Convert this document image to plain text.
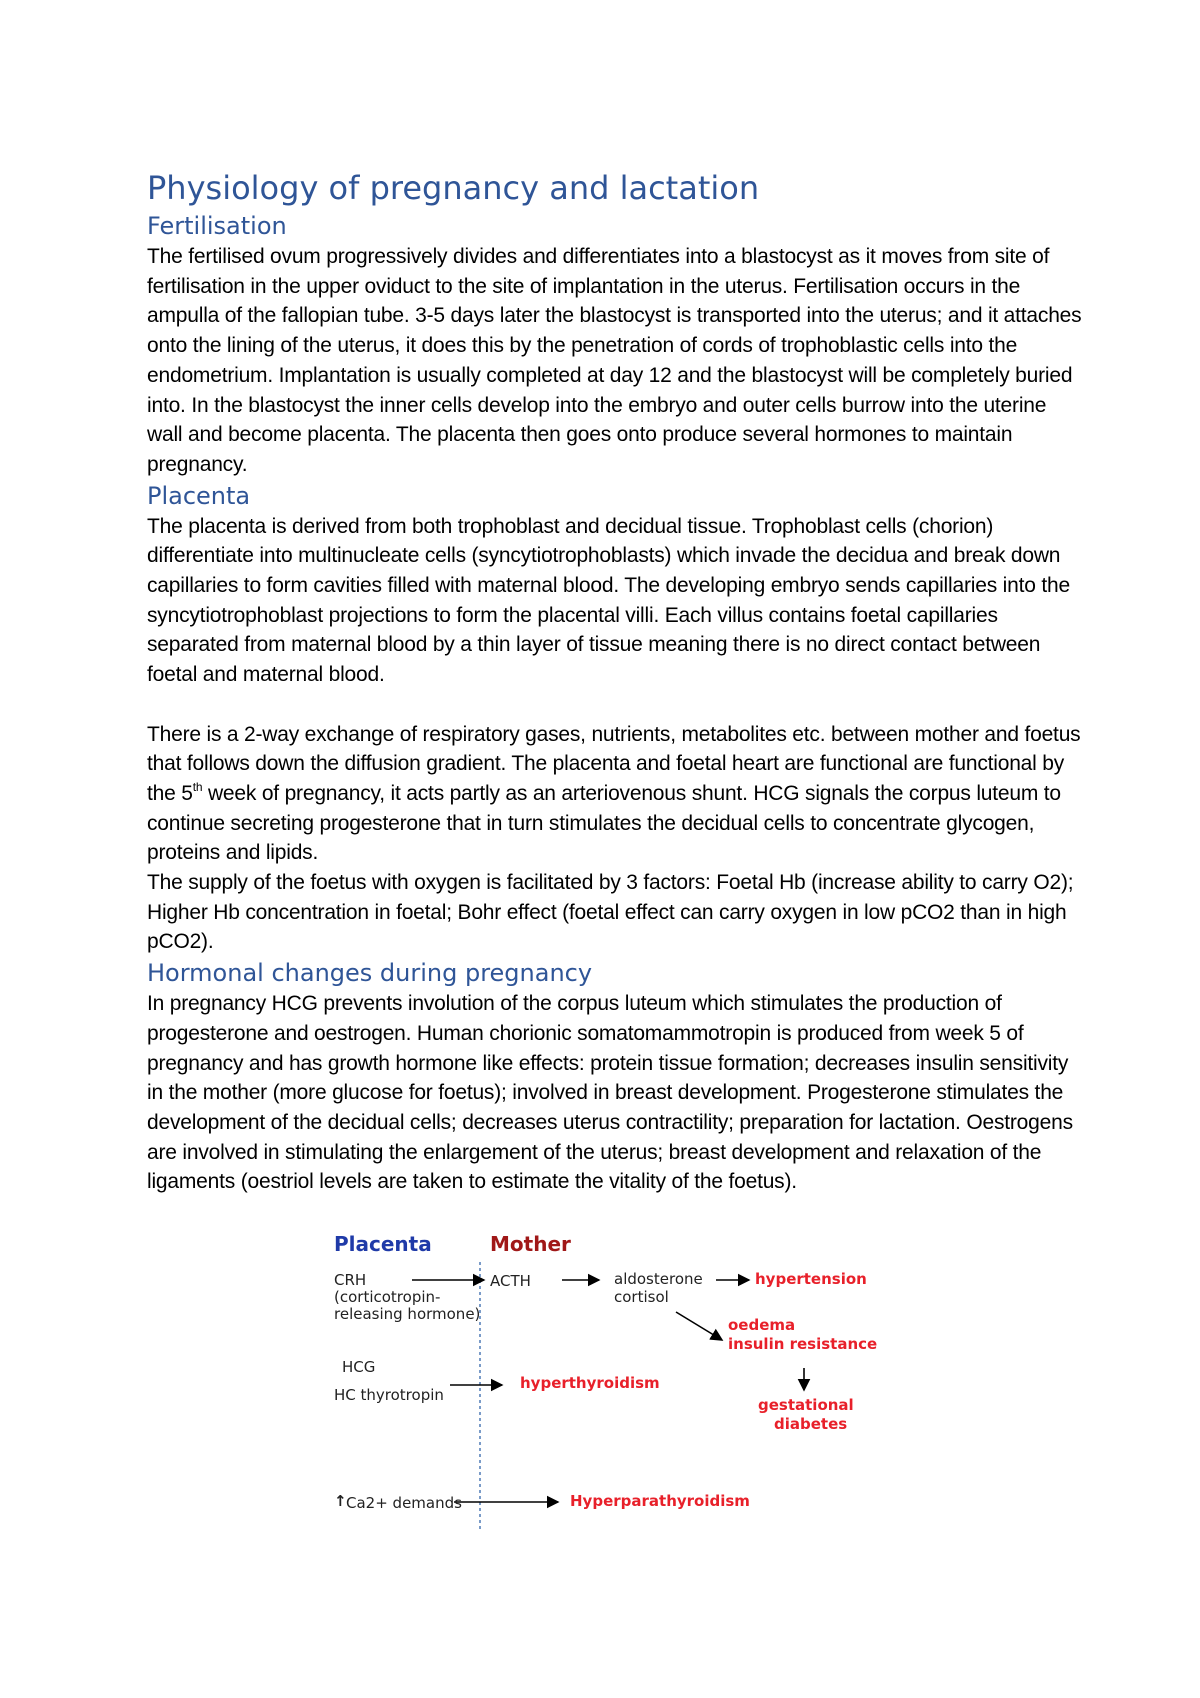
Physiology of pregnancy and lactation
Fertilisation

The fertilised ovum progressively divides and differentiates into a blastocyst as it moves from site of fertilisation in the upper oviduct to the site of implantation in the uterus. Fertilisation occurs in the ampulla of the fallopian tube. 3-5 days later the blastocyst is transported into the uterus; and it attaches onto the lining of the uterus, it does this by the penetration of cords of trophoblastic cells into the endometrium. Implantation is usually completed at day 12 and the blastocyst will be completely buried into. In the blastocyst the inner cells develop into the embryo and outer cells burrow into the uterine wall and become placenta. The placenta then goes onto produce several hormones to maintain pregnancy.

Placenta

The placenta is derived from both trophoblast and decidual tissue. Trophoblast cells (chorion) differentiate into multinucleate cells (syncytiotrophoblasts) which invade the decidua and break down capillaries to form cavities filled with maternal blood. The developing embryo sends capillaries into the syncytiotrophoblast projections to form the placental villi. Each villus contains foetal capillaries separated from maternal blood by a thin layer of tissue meaning there is no direct contact between foetal and maternal blood.

There is a 2-way exchange of respiratory gases, nutrients, metabolites etc. between mother and foetus that follows down the diffusion gradient. The placenta and foetal heart are functional are functional by the 5th week of pregnancy, it acts partly as an arteriovenous shunt. HCG signals the corpus luteum to continue secreting progesterone that in turn stimulates the decidual cells to concentrate glycogen, proteins and lipids.

The supply of the foetus with oxygen is facilitated by 3 factors: Foetal Hb (increase ability to carry O2); Higher Hb concentration in foetal; Bohr effect (foetal effect can carry oxygen in low pCO2 than in high pCO2).

Hormonal changes during pregnancy

In pregnancy HCG prevents involution of the corpus luteum which stimulates the production of progesterone and oestrogen. Human chorionic somatomammotropin is produced from week 5 of pregnancy and has growth hormone like effects: protein tissue formation; decreases insulin sensitivity in the mother (more glucose for foetus); involved in breast development. Progesterone stimulates the development of the decidual cells; decreases uterus contractility; preparation for lactation. Oestrogens are involved in stimulating the enlargement of the uterus; breast development and relaxation of the ligaments (oestriol levels are taken to estimate the vitality of the foetus).

Placenta	Mother
CRH
(corticotropin-
releasing hormone)
ACTH	aldosterone
cortisol
hypertension
oedema
insulin resistance
gestational
diabetes
HCG
HC thyrotropin
hyperthyroidism
↑ Ca2+ demands	Hyperparathyroidism
